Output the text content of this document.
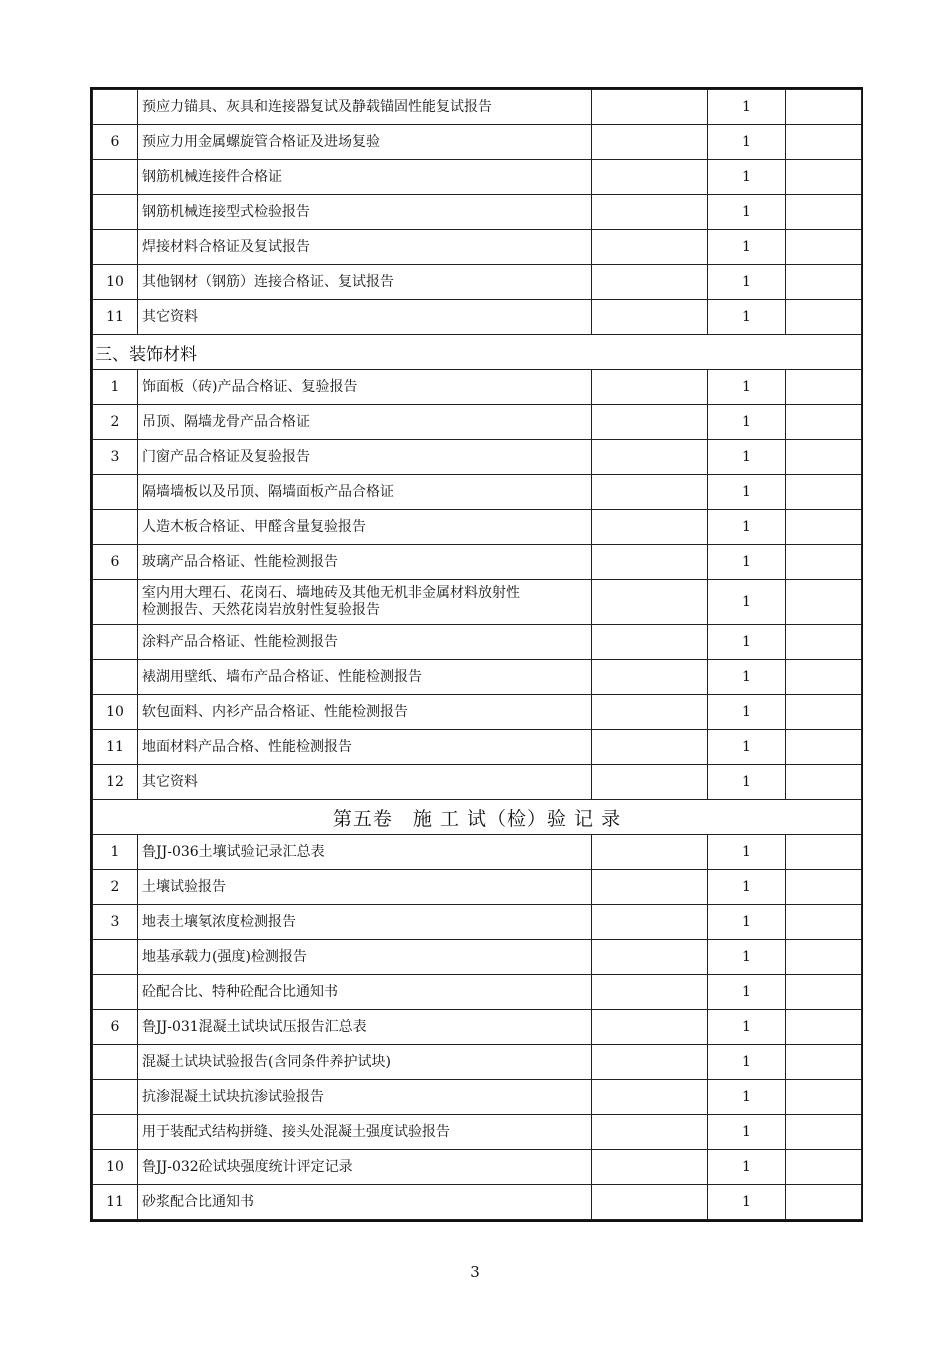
	预应力锚具、灰具和连接器复试及静载锚固性能复试报告		1	
6	预应力用金属螺旋管合格证及进场复验		1	
	钢筋机械连接件合格证		1	
	钢筋机械连接型式检验报告		1	
	焊接材料合格证及复试报告		1	
10	其他钢材（钢筋）连接合格证、复试报告		1	
11	其它资料		1	
三、装饰材料				
1	饰面板（砖)产品合格证、复验报告		1	
2	吊顶、隔墙龙骨产品合格证		1	
3	门窗产品合格证及复验报告		1	
	隔墙墙板以及吊顶、隔墙面板产品合格证		1	
	人造木板合格证、甲醛含量复验报告		1	
6	玻璃产品合格证、性能检测报告		1	

	室内用大理石、花岗石、墙地砖及其他无机非金属材料放射性
检测报告、天然花岗岩放射性复验报告		1	
	涂料产品合格证、性能检测报告		1	
	裱湖用壁纸、墙布产品合格证、性能检测报告		1	
10	软包面料、内衫产品合格证、性能检测报告		1	
11	地面材料产品合格、性能检测报告		1	
12	其它资料		1	
第五卷　施 工 试（检）验 记 录				
1	鲁JJ-036土壤试验记录汇总表		1	
2	土壤试验报告		1	
3	地表土壤氡浓度检测报告		1	
	地基承载力(强度)检测报告		1	
	砼配合比、特种砼配合比通知书		1	
6	鲁JJ-031混凝土试块试压报告汇总表		1	
	混凝土试块试验报告(含同条件养护试块)		1	
	抗渗混凝土试块抗渗试验报告		1	
	用于装配式结构拼缝、接头处混凝土强度试验报告		1	
10	鲁JJ-032砼试块强度统计评定记录		1	
11	砂浆配合比通知书		1	
3
